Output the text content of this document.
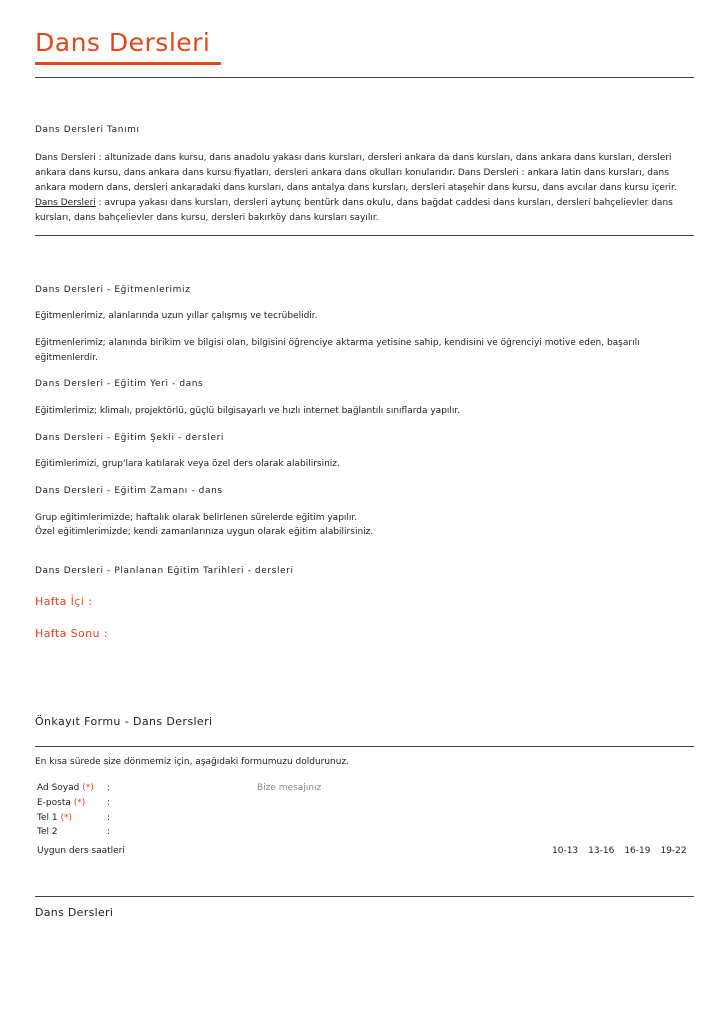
Dans Dersleri
Dans Dersleri Tanımı

Dans Dersleri : altunizade dans kursu, dans anadolu yakası dans kursları, dersleri ankara da dans kursları, dans ankara dans kursları, dersleri ankara dans kursu, dans ankara dans kursu fiyatları, dersleri ankara dans okulları konularıdır. Dans Dersleri : ankara latin dans kursları, dans ankara modern dans, dersleri ankaradaki dans kursları, dans antalya dans kursları, dersleri ataşehir dans kursu, dans avcılar dans kursu içerir. Dans Dersleri : avrupa yakası dans kursları, dersleri aytunç bentürk dans okulu, dans bağdat caddesi dans kursları, dersleri bahçelievler dans kursları, dans bahçelievler dans kursu, dersleri bakırköy dans kursları sayılır.

Dans Dersleri - Eğitmenlerimiz

Eğitmenlerimiz, alanlarında uzun yıllar çalışmış ve tecrübelidir.

Eğitmenlerimiz; alanında birikim ve bilgisi olan, bilgisini öğrenciye aktarma yetisine sahip, kendisini ve öğrenciyi motive eden, başarılı eğitmenlerdir.

Dans Dersleri - Eğitim Yeri - dans

Eğitimlerimiz; klimalı, projektörlü, güçlü bilgisayarlı ve hızlı internet bağlantılı sınıflarda yapılır.

Dans Dersleri - Eğitim Şekli - dersleri

Eğitimlerimizi, grup'lara katılarak veya özel ders olarak alabilirsiniz.

Dans Dersleri - Eğitim Zamanı - dans

Grup eğitimlerimizde; haftalık olarak belirlenen sürelerde eğitim yapılır.

Özel eğitimlerimizde; kendi zamanlarınıza uygun olarak eğitim alabilirsiniz.

Dans Dersleri - Planlanan Eğitim Tarihleri - dersleri
Hafta İçi :
Hafta Sonu :
Önkayıt Formu - Dans Dersleri

En kısa sürede size dönmemiz için, aşağıdaki formumuzu doldurunuz.

Ad Soyad (*) :
E-posta (*) :
Tel 1 (*)	:
Tel 2	:
Bize mesajınız
Uygun ders saatleri	10-13 13-16 16-19 19-22
Dans Dersleri
